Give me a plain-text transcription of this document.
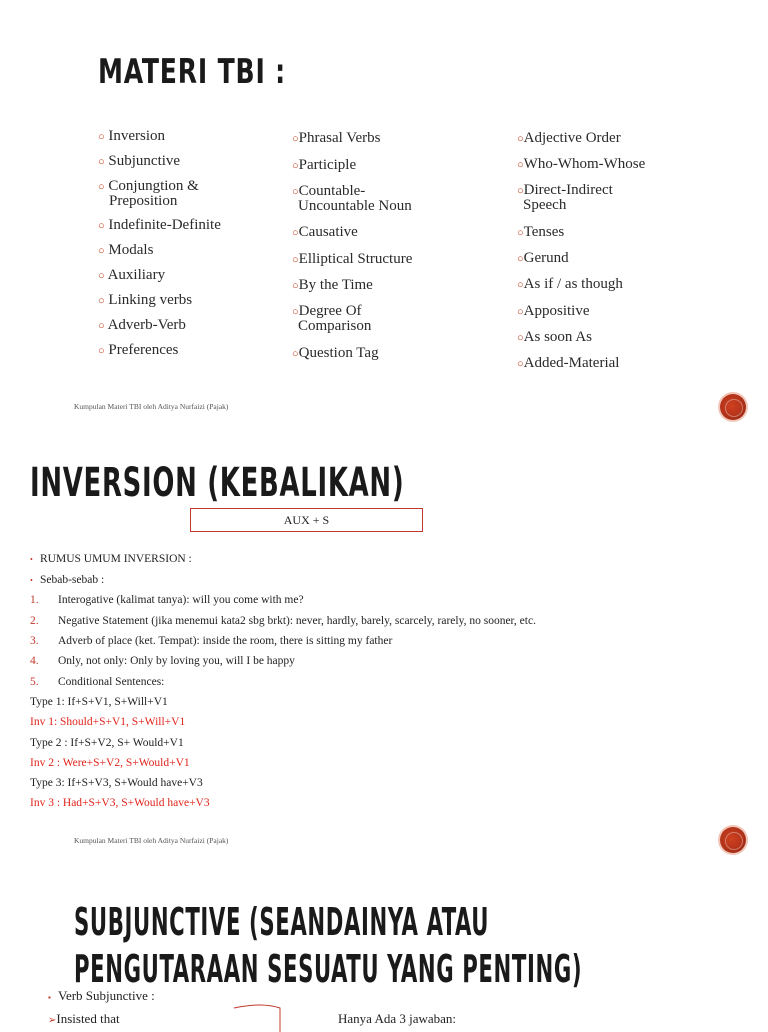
MATERI TBI :
○ Inversion
○ Subjunctive
○ Conjungtion &
Preposition
○ Indefinite-Definite
○ Modals
○ Auxiliary
○ Linking verbs
○ Adverb-Verb
○ Preferences
○Phrasal Verbs
○Participle
○Countable-
Uncountable Noun
○Causative
○Elliptical Structure
○By the Time
○Degree Of
Comparison
○Question Tag
○Adjective Order
○Who-Whom-Whose
○Direct-Indirect
Speech
○Tenses
○Gerund
○As if / as though
○Appositive
○As soon As
○Added-Material
Kumpulan Materi TBI oleh Aditya Nurfaizi (Pajak)
INVERSION (KEBALIKAN)
AUX + S
• RUMUS UMUM INVERSION :
• Sebab-sebab :
1. Interogative (kalimat tanya): will you come with me?
2. Negative Statement (jika menemui kata2 sbg brkt): never, hardly, barely, scarcely, rarely, no sooner, etc.
3. Adverb of place (ket. Tempat): inside the room, there is sitting my father
4. Only, not only: Only by loving you, will I be happy
5. Conditional Sentences:
Type 1: If+S+V1, S+Will+V1
Inv 1: Should+S+V1, S+Will+V1
Type 2 : If+S+V2, S+ Would+V1
Inv 2 : Were+S+V2, S+Would+V1
Type 3: If+S+V3, S+Would have+V3
Inv 3 : Had+S+V3, S+Would have+V3
Kumpulan Materi TBI oleh Aditya Nurfaizi (Pajak)
SUBJUNCTIVE (SEANDAINYA ATAU
PENGUTARAAN SESUATU YANG PENTING)
▪ Verb Subjunctive :
➢Insisted that	Hanya Ada 3 jawaban:
